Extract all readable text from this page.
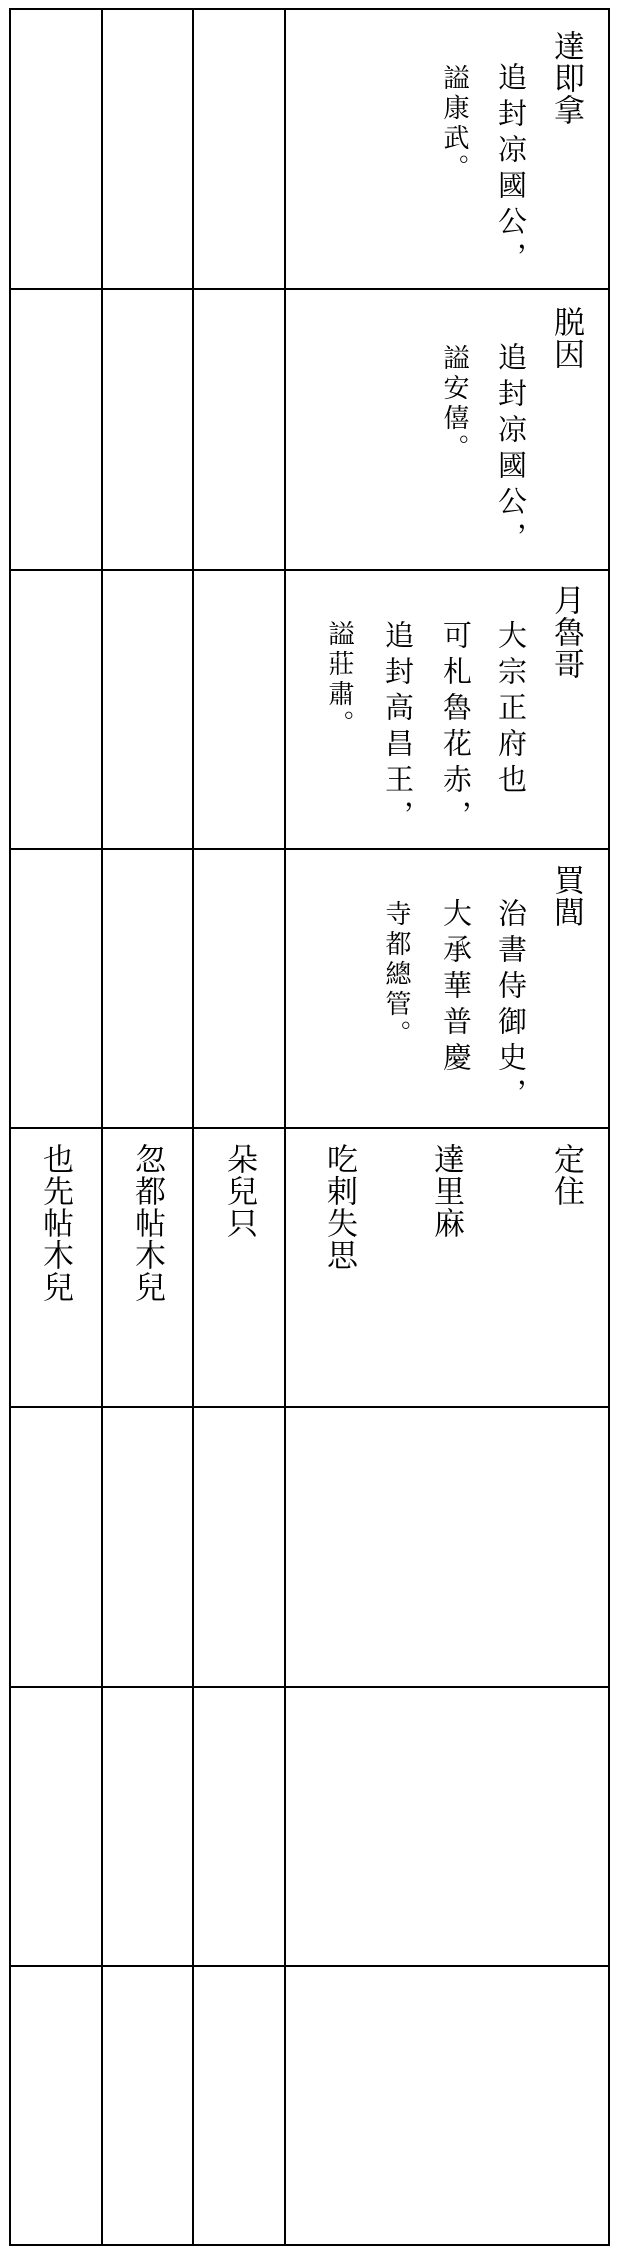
達即拿
追封凉國公，
謚康武。
脱因
追封凉國公，
謚安僖。
月魯哥
大宗正府也
可札魯花赤，
追封高昌王，
謚莊肅。
買閭
治書侍御史，
大承華普慶
寺都總管。
定住
達里麻
吃剌失思
朵兒只
忽都帖木兒
也先帖木兒
